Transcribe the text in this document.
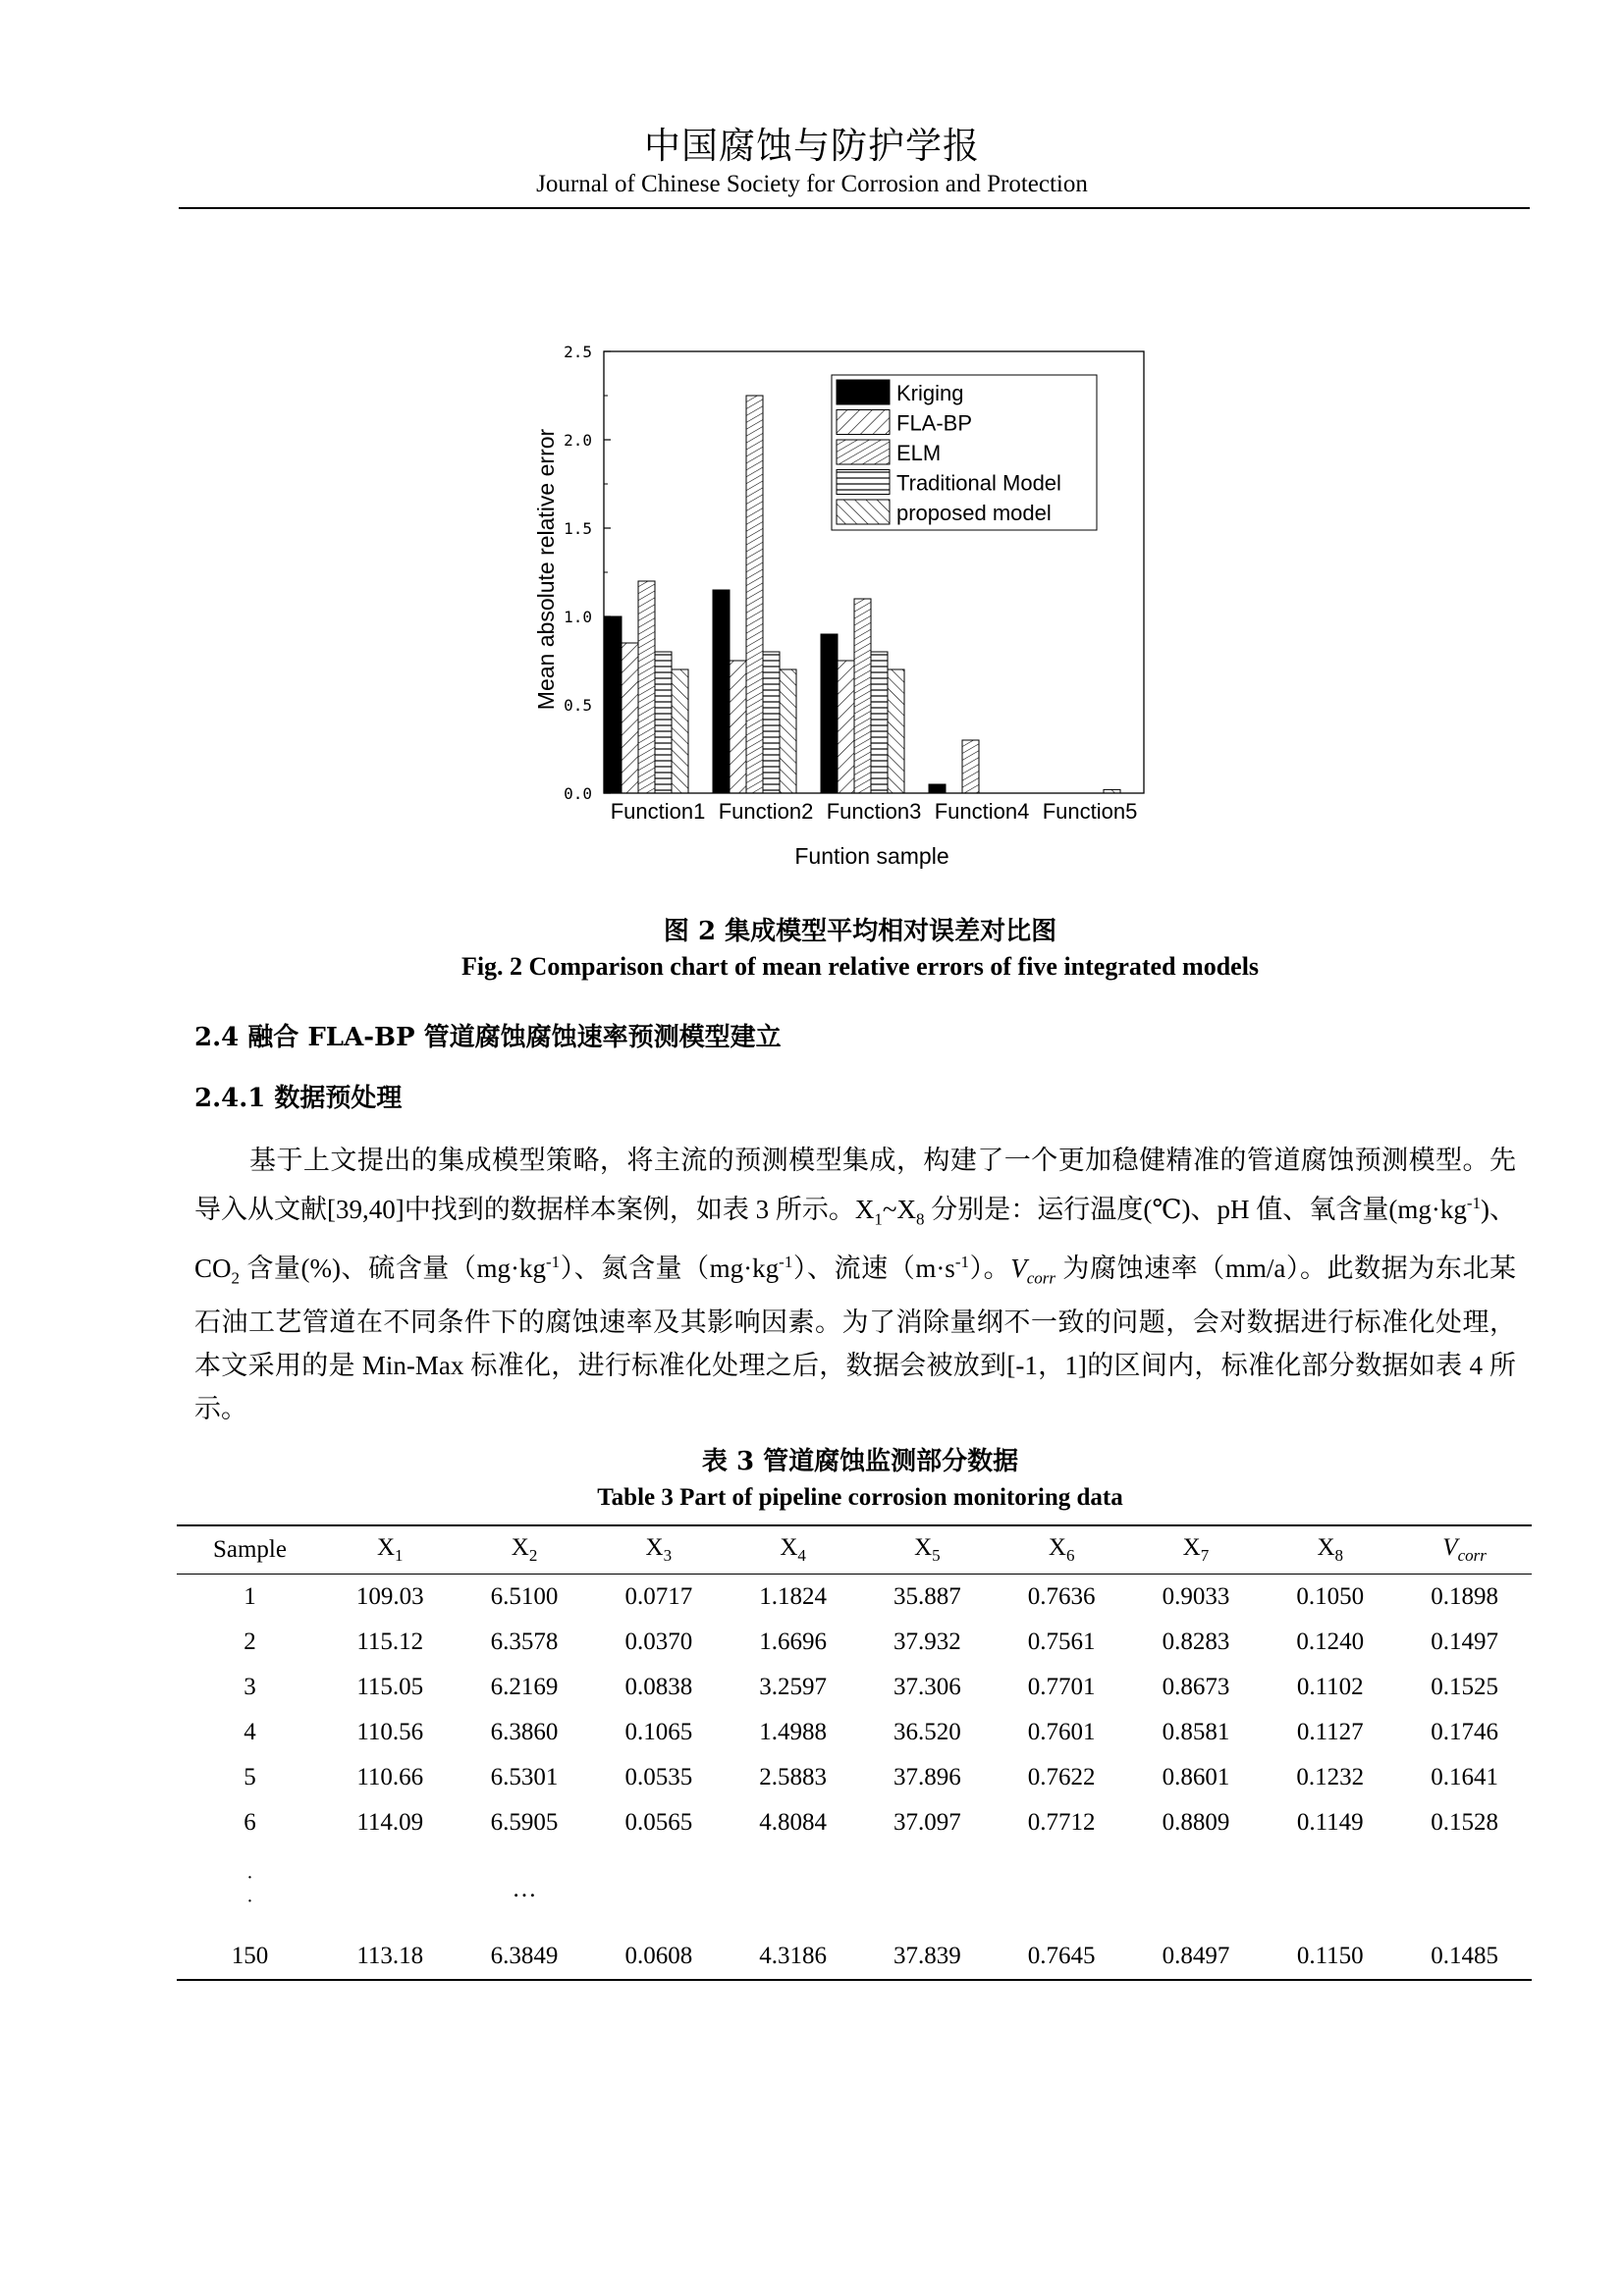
中国腐蚀与防护学报
Journal of Chinese Society for Corrosion and Protection
0.0
0.5
1.0
1.5
2.0
2.5
Function1 Function2 Function3 Function4 Function5
Kriging
FLA-BP
ELM
Traditional Model
proposed model
Mean absolute relative error
Funtion sample
图 2 集成模型平均相对误差对比图
Fig. 2 Comparison chart of mean relative errors of five integrated models
2.4 融合 FLA-BP 管道腐蚀腐蚀速率预测模型建立
2.4.1 数据预处理
基于上文提出的集成模型策略，将主流的预测模型集成，构建了一个更加稳健精准的管道腐蚀预测模型。先导入从文献[39,40]中找到的数据样本案例，如表 3 所示。$X_1\sim X_8$ 分别是：运行温度(℃)、pH 值、氧含量$(mg\cdot kg^{-1})$、$CO_2$ 含量(%)、硫含量$(mg\cdot kg^{-1})$、氮含量$(mg\cdot kg^{-1})$、流速$(m\cdot s^{-1})$。$V_{corr}$ 为腐蚀速率（mm/a）。此数据为东北某石油工艺管道在不同条件下的腐蚀速率及其影响因素。为了消除量纲不一致的问题，会对数据进行标准化处理，本文采用的是 Min-Max 标准化，进行标准化处理之后，数据会被放到[-1，1]的区间内，标准化部分数据如表 4 所示。
表 3 管道腐蚀监测部分数据
Table 3 Part of pipeline corrosion monitoring data
Sample	$X_1$	$X_2$	$X_3$	$X_4$	$X_5$	$X_6$	$X_7$	$X_8$	$V_{corr}$
1	109.03	6.5100	0.0717	1.1824	35.887	0.7636	0.9033	0.1050	0.1898
2	115.12	6.3578	0.0370	1.6696	37.932	0.7561	0.8283	0.1240	0.1497
3	115.05	6.2169	0.0838	3.2597	37.306	0.7701	0.8673	0.1102	0.1525
4	110.56	6.3860	0.1065	1.4988	36.520	0.7601	0.8581	0.1127	0.1746
5	110.66	6.5301	0.0535	2.5883	37.896	0.7622	0.8601	0.1232	0.1641
6	114.09	6.5905	0.0565	4.8084	37.097	0.7712	0.8809	0.1149	0.1528

·
·		…							
150	113.18	6.3849	0.0608	4.3186	37.839	0.7645	0.8497	0.1150	0.1485
